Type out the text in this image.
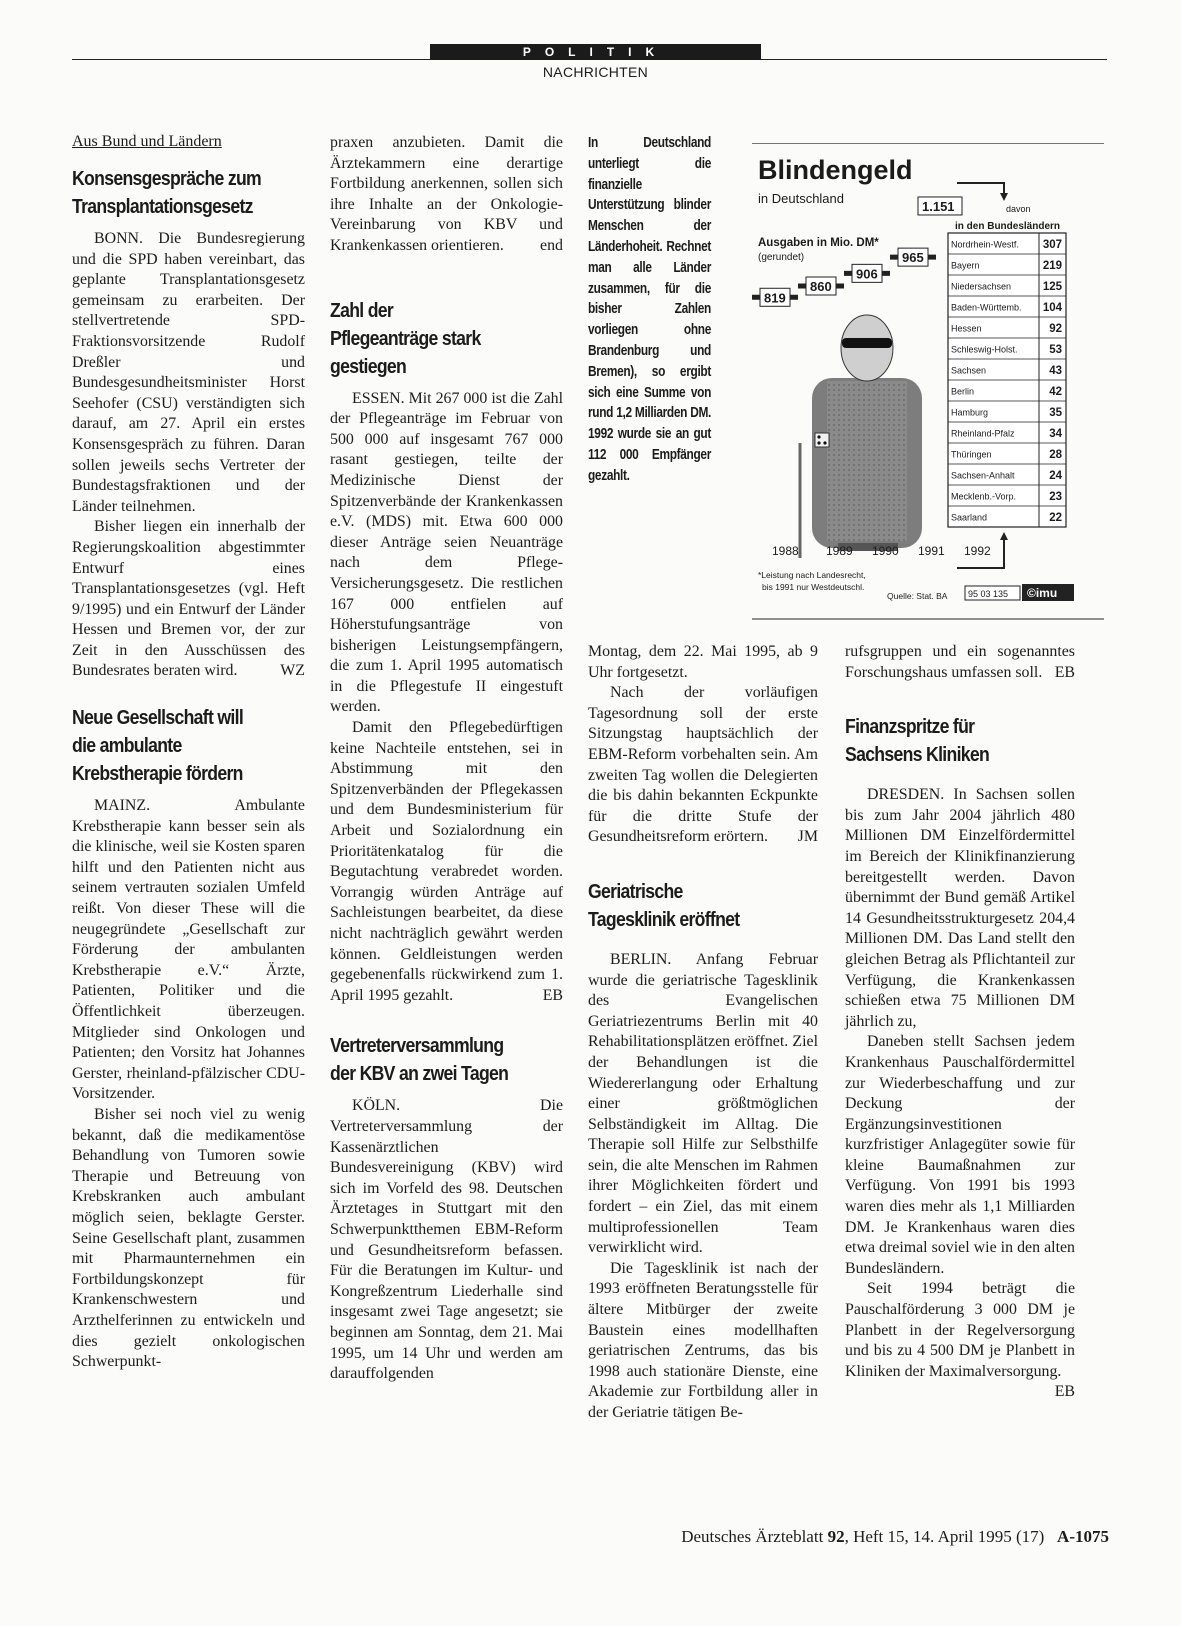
POLITIK
NACHRICHTEN

Aus Bund und Ländern

Konsensgespräche zum
Transplantationsgesetz

BONN. Die Bundesregierung und die SPD haben vereinbart, das geplante Transplantationsgesetz gemeinsam zu erarbeiten. Der stellvertretende SPD-Fraktionsvorsitzende Rudolf Dreßler und Bundesgesundheitsminister Horst Seehofer (CSU) verständigten sich darauf, am 27. April ein erstes Konsensgespräch zu führen. Daran sollen jeweils sechs Vertreter der Bundestagsfraktionen und der Länder teilnehmen.
Bisher liegen ein innerhalb der Regierungskoalition abgestimmter Entwurf eines Transplantationsgesetzes (vgl. Heft 9/1995) und ein Entwurf der Länder Hessen und Bremen vor, der zur Zeit in den Ausschüssen des Bundesrates beraten wird.	WZ

Neue Gesellschaft will
die ambulante
Krebstherapie fördern

MAINZ. Ambulante Krebstherapie kann besser sein als die klinische, weil sie Kosten sparen hilft und den Patienten nicht aus seinem vertrauten sozialen Umfeld reißt. Von dieser These will die neugegründete „Gesellschaft zur Förderung der ambulanten Krebstherapie e.V.“ Ärzte, Patienten, Politiker und die Öffentlichkeit überzeugen. Mitglieder sind Onkologen und Patienten; den Vorsitz hat Johannes Gerster, rheinland-pfälzischer CDU-Vorsitzender.
Bisher sei noch viel zu wenig bekannt, daß die medikamentöse Behandlung von Tumoren sowie Therapie und Betreuung von Krebskranken auch ambulant möglich seien, beklagte Gerster. Seine Gesellschaft plant, zusammen mit Pharmaunternehmen ein Fortbildungskonzept für Krankenschwestern und Arzthelferinnen zu entwickeln und dies gezielt onkologischen Schwerpunkt-

praxen anzubieten. Damit die Ärztekammern eine derartige Fortbildung anerkennen, sollen sich ihre Inhalte an der Onkologie-Vereinbarung von KBV und Krankenkassen orientieren. end

Zahl der
Pflegeanträge stark
gestiegen

ESSEN. Mit 267 000 ist die Zahl der Pflegeanträge im Februar von 500 000 auf insgesamt 767 000 rasant gestiegen, teilte der Medizinische Dienst der Spitzenverbände der Krankenkassen e.V. (MDS) mit. Etwa 600 000 dieser Anträge seien Neuanträge nach dem Pflege-Versicherungsgesetz. Die restlichen 167 000 entfielen auf Höherstufungsanträge von bisherigen Leistungsempfängern, die zum 1. April 1995 automatisch in die Pflegestufe II eingestuft werden.
Damit den Pflegebedürftigen keine Nachteile entstehen, sei in Abstimmung mit den Spitzenverbänden der Pflegekassen und dem Bundesministerium für Arbeit und Sozialordnung ein Prioritätenkatalog für die Begutachtung verabredet worden. Vorrangig würden Anträge auf Sachleistungen bearbeitet, da diese nicht nachträglich gewährt werden können. Geldleistungen werden gegebenenfalls rückwirkend zum 1. April 1995 gezahlt.	EB

Vertreterversammlung
der KBV an zwei Tagen

KÖLN. Die Vertreterversammlung der Kassenärztlichen Bundesvereinigung (KBV) wird sich im Vorfeld des 98. Deutschen Ärztetages in Stuttgart mit den Schwerpunktthemen EBM-Reform und Gesundheitsreform befassen. Für die Beratungen im Kultur- und Kongreßzentrum Liederhalle sind insgesamt zwei Tage angesetzt; sie beginnen am Sonntag, dem 21. Mai 1995, um 14 Uhr und werden am darauffolgenden

In Deutschland unterliegt die finanzielle Unterstützung blinder Menschen der Länderhoheit. Rechnet man alle Länder zusammen, für die bisher Zahlen vorliegen ohne Brandenburg und Bremen), so ergibt sich eine Summe von rund 1,2 Milliarden DM. 1992 wurde sie an gut 112 000 Empfänger gezahlt.

Blindengeld
in Deutschland
Ausgaben in Mio. DM*
(gerundet)
davon
in den Bundesländern
819
860
906
965
1.151
1988 1989 1990 1991 1992
Nordrhein-Westf. 307
Bayern	219
Niedersachsen	125
Baden-Württemb. 104
Hessen	92
Schleswig-Holst.	53
Sachsen	43
Berlin	42
Hamburg	35
Rheinland-Pfalz	34
Thüringen	28
Sachsen-Anhalt	24
Mecklenb.-Vorp.	23
Saarland	22
*Leistung nach Landesrecht,
bis 1991 nur Westdeutschl.
Quelle: Stat. BA 95 03 135 ©imu

Montag, dem 22. Mai 1995, ab 9 Uhr fortgesetzt.
Nach der vorläufigen Tagesordnung soll der erste Sitzungstag hauptsächlich der EBM-Reform vorbehalten sein. Am zweiten Tag wollen die Delegierten die bis dahin bekannten Eckpunkte für die dritte Stufe der Gesundheitsreform erörtern.	JM

Geriatrische
Tagesklinik eröffnet

BERLIN. Anfang Februar wurde die geriatrische Tagesklinik des Evangelischen Geriatriezentrums Berlin mit 40 Rehabilitationsplätzen eröffnet. Ziel der Behandlungen ist die Wiedererlangung oder Erhaltung einer größtmöglichen Selbständigkeit im Alltag. Die Therapie soll Hilfe zur Selbsthilfe sein, die alte Menschen im Rahmen ihrer Möglichkeiten fördert und fordert – ein Ziel, das mit einem multiprofessionellen Team verwirklicht wird.
Die Tagesklinik ist nach der 1993 eröffneten Beratungsstelle für ältere Mitbürger der zweite Baustein eines modellhaften geriatrischen Zentrums, das bis 1998 auch stationäre Dienste, eine Akademie zur Fortbildung aller in der Geriatrie tätigen Be-

rufsgruppen und ein sogenanntes Forschungshaus umfassen soll. EB

Finanzspritze für
Sachsens Kliniken

DRESDEN. In Sachsen sollen bis zum Jahr 2004 jährlich 480 Millionen DM Einzelfördermittel im Bereich der Klinikfinanzierung bereitgestellt werden. Davon übernimmt der Bund gemäß Artikel 14 Gesundheitsstrukturgesetz 204,4 Millionen DM. Das Land stellt den gleichen Betrag als Pflichtanteil zur Verfügung, die Krankenkassen schießen etwa 75 Millionen DM jährlich zu,
Daneben stellt Sachsen jedem Krankenhaus Pauschalfördermittel zur Wiederbeschaffung und zur Deckung der Ergänzungsinvestitionen kurzfristiger Anlagegüter sowie für kleine Baumaßnahmen zur Verfügung. Von 1991 bis 1993 waren dies mehr als 1,1 Milliarden DM. Je Krankenhaus waren dies etwa dreimal soviel wie in den alten Bundesländern.
Seit 1994 beträgt die Pauschalförderung 3 000 DM je Planbett in der Regelversorgung und bis zu 4 500 DM je Planbett in Kliniken der Maximalversorgung.
EB

Deutsches Ärzteblatt 92, Heft 15, 14. April 1995 (17) A-1075
